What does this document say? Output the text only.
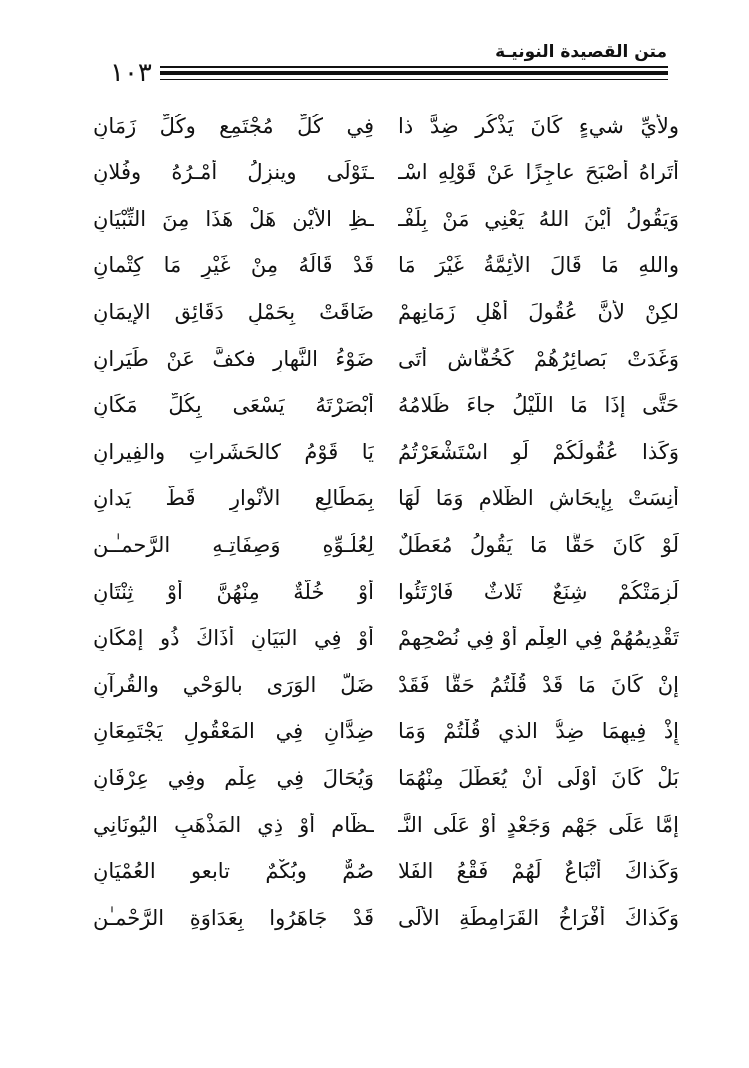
متن القصيدة النونيـة
١٠٣
ولأيِّ شيءٍ كَانَ يَذْكُر ضِدَّ ذا
فِي كُلِّ مُجْتَمِعٍ وكُلِّ زَمَانِ
أَتَراهُ أَصْبَحَ عاجِزًا عَنْ قَوْلِهِ اسْـ
ـتَوْلَى وينزِلُ أَمْـرُهُ وفُلانِ
وَيَقُولُ أَيْنَ اللهُ يَعْنِي مَنْ بِلَفْـ
ـظِ الأَيْنِ هَلْ هَذَا مِنَ التِّبْيَانِ
واللهِ مَا قَالَ الأَئِمَّةُ غَيْرَ مَا
قَدْ قَالَهُ مِنْ غَيْرِ مَا كِتْمانِ
لكِنْ لأَنَّ عُقُولَ أَهْلِ زَمَانِهِمْ
ضَاقَتْ بِحَمْلِ دَقَائِقِ الإِيمَانِ
وَغَدَتْ بَصائِرُهُمْ كَخُفَّاشٍ أَتَى
ضَوْءُ النَّهارِ فكفَّ عَنْ طَيَرانِ
حَتَّى إِذَا مَا اللَّيْلُ جاءَ ظَلامُهُ
أَبْصَرْتَهُ يَسْعَى بِكُلِّ مَكَانِ
وَكَذا عُقُولُكُمْ لَوِ اسْتَشْعَرْتُمُ
يَا قَوْمُ كالحَشَراتِ والفِيرانِ
أَنِسَتْ بِإِيحَاشِ الظَّلامِ وَمَا لَهَا
بِمَطَالِعِ الأَنْوارِ قَطُّ يَدانِ
لَوْ كَانَ حَقًّا مَا يَقُولُ مُعَطِّلٌ
لِعُلُـوِّهِ وَصِفَاتِـهِ الرَّحمـٰـنِ
لَزِمَتْكُمْ شِنَعٌ ثَلاثٌ فَارْتَئُوا
أَوْ خُلَّةٌ مِنْهُنَّ أَوْ ثِنْتَانِ
تَقْدِيمُهُمْ فِي العِلْمِ أَوْ فِي نُصْحِهِمْ
أَوْ فِي البَيَانِ أَذَاكَ ذُو إِمْكَانِ
إِنْ كَانَ مَا قَدْ قُلْتُمُ حَقًّا فَقَدْ
ضَلَّ الوَرَى بالوَحْيِ والقُرآنِ
إِذْ فِيهِمَا ضِدُّ الذي قُلْتُمْ وَمَا
ضِدَّانِ فِي المَعْقُولِ يَجْتَمِعَانِ
بَلْ كَانَ أَوْلَى أَنْ يُعَطَّلَ مِنْهُمَا
وَيُحَالَ فِي عِلْمٍ وفِي عِرْفَانِ
إِمَّا عَلَى جَهْمٍ وَجَعْدٍ أَوْ عَلَى النَّـ
ـظَّامِ أَوْ ذِي المَذْهَبِ اليُونَانِي
وَكَذاكَ أَتْبَاعٌ لَهُمْ فَقْعُ الفَلا
صُمٌّ وبُكْمٌ تابعو العُمْيَانِ
وَكَذاكَ أَفْرَاخُ القَرَامِطَةِ الأُلَى
قَدْ جَاهَرُوا بِعَدَاوَةِ الرَّحْمـٰنِ
